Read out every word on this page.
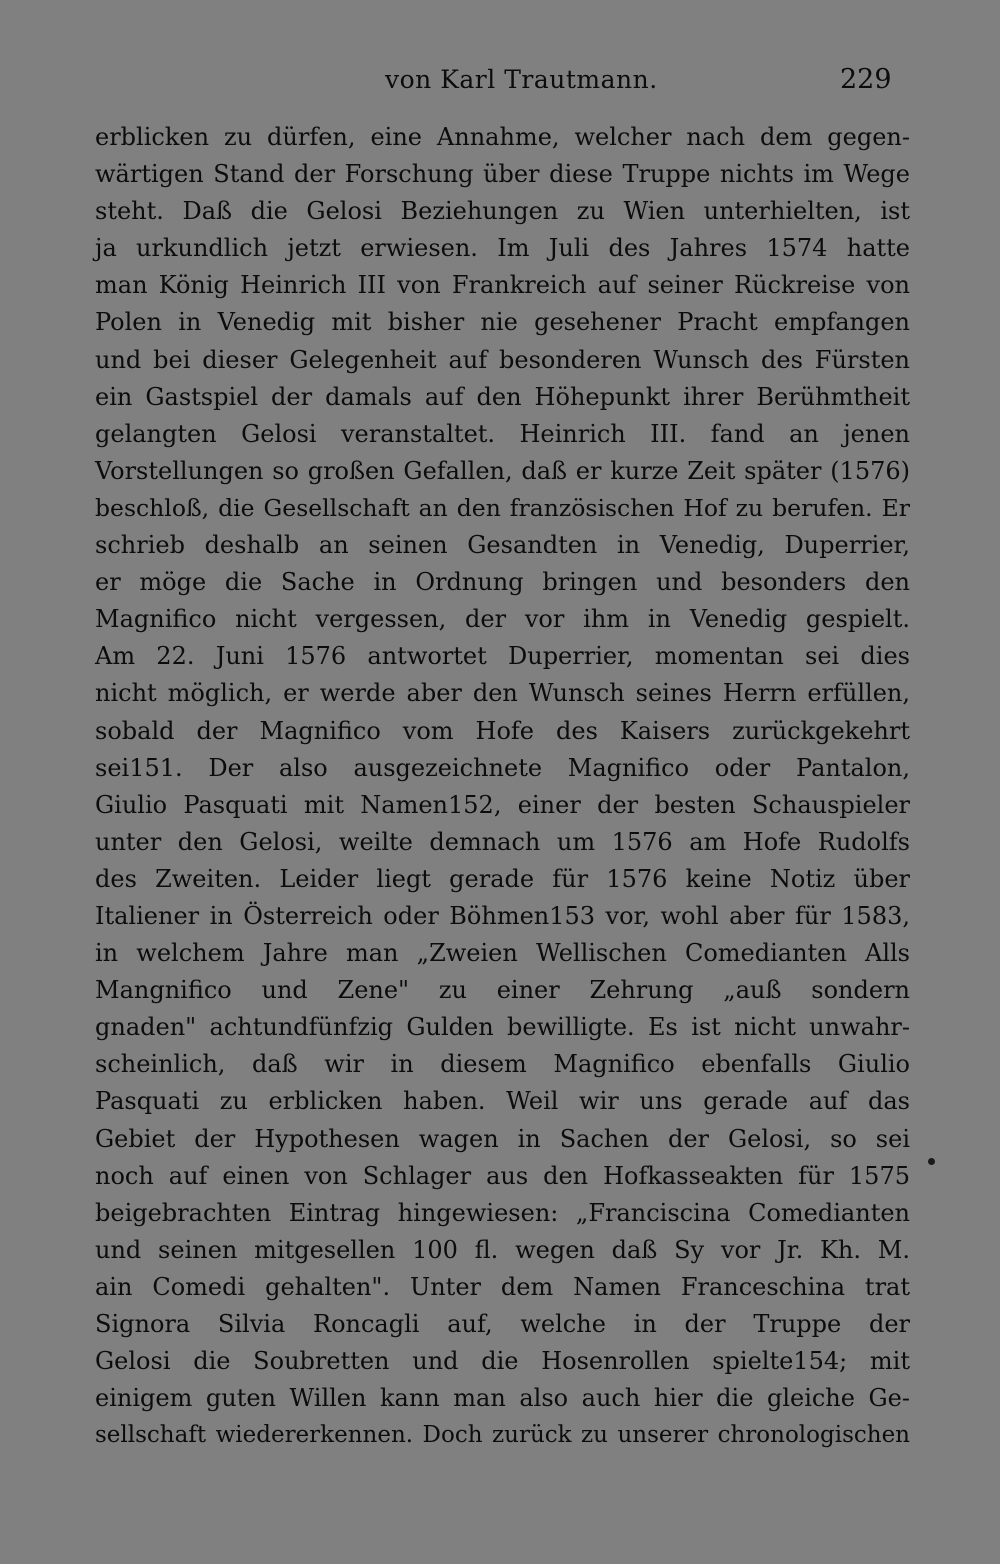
von Karl Trautmann.	229
erblicken zu dürfen, eine Annahme, welcher nach dem gegen-
wärtigen Stand der Forschung über diese Truppe nichts im Wege
steht. Daß die Gelosi Beziehungen zu Wien unterhielten, ist
ja urkundlich jetzt erwiesen. Im Juli des Jahres 1574 hatte
man König Heinrich III von Frankreich auf seiner Rückreise von
Polen in Venedig mit bisher nie gesehener Pracht empfangen
und bei dieser Gelegenheit auf besonderen Wunsch des Fürsten
ein Gastspiel der damals auf den Höhepunkt ihrer Berühmtheit
gelangten Gelosi veranstaltet. Heinrich III. fand an jenen
Vorstellungen so großen Gefallen, daß er kurze Zeit später (1576)
beschloß, die Gesellschaft an den französischen Hof zu berufen. Er
schrieb deshalb an seinen Gesandten in Venedig, Duperrier,
er möge die Sache in Ordnung bringen und besonders den
Magnifico nicht vergessen, der vor ihm in Venedig gespielt.
Am 22. Juni 1576 antwortet Duperrier, momentan sei dies
nicht möglich, er werde aber den Wunsch seines Herrn erfüllen,
sobald der Magnifico vom Hofe des Kaisers zurückgekehrt
sei151. Der also ausgezeichnete Magnifico oder Pantalon,
Giulio Pasquati mit Namen152, einer der besten Schauspieler
unter den Gelosi, weilte demnach um 1576 am Hofe Rudolfs
des Zweiten. Leider liegt gerade für 1576 keine Notiz über
Italiener in Österreich oder Böhmen153 vor, wohl aber für 1583,
in welchem Jahre man „Zweien Wellischen Comedianten Alls
Mangnifico und Zene" zu einer Zehrung „auß sondern
gnaden" achtundfünfzig Gulden bewilligte. Es ist nicht unwahr-
scheinlich, daß wir in diesem Magnifico ebenfalls Giulio
Pasquati zu erblicken haben. Weil wir uns gerade auf das
Gebiet der Hypothesen wagen in Sachen der Gelosi, so sei
noch auf einen von Schlager aus den Hofkasseakten für 1575
beigebrachten Eintrag hingewiesen: „Franciscina Comedianten
und seinen mitgesellen 100 fl. wegen daß Sy vor Jr. Kh. M.
ain Comedi gehalten". Unter dem Namen Franceschina trat
Signora Silvia Roncagli auf, welche in der Truppe der
Gelosi die Soubretten und die Hosenrollen spielte154; mit
einigem guten Willen kann man also auch hier die gleiche Ge-
sellschaft wiedererkennen. Doch zurück zu unserer chronologischen
